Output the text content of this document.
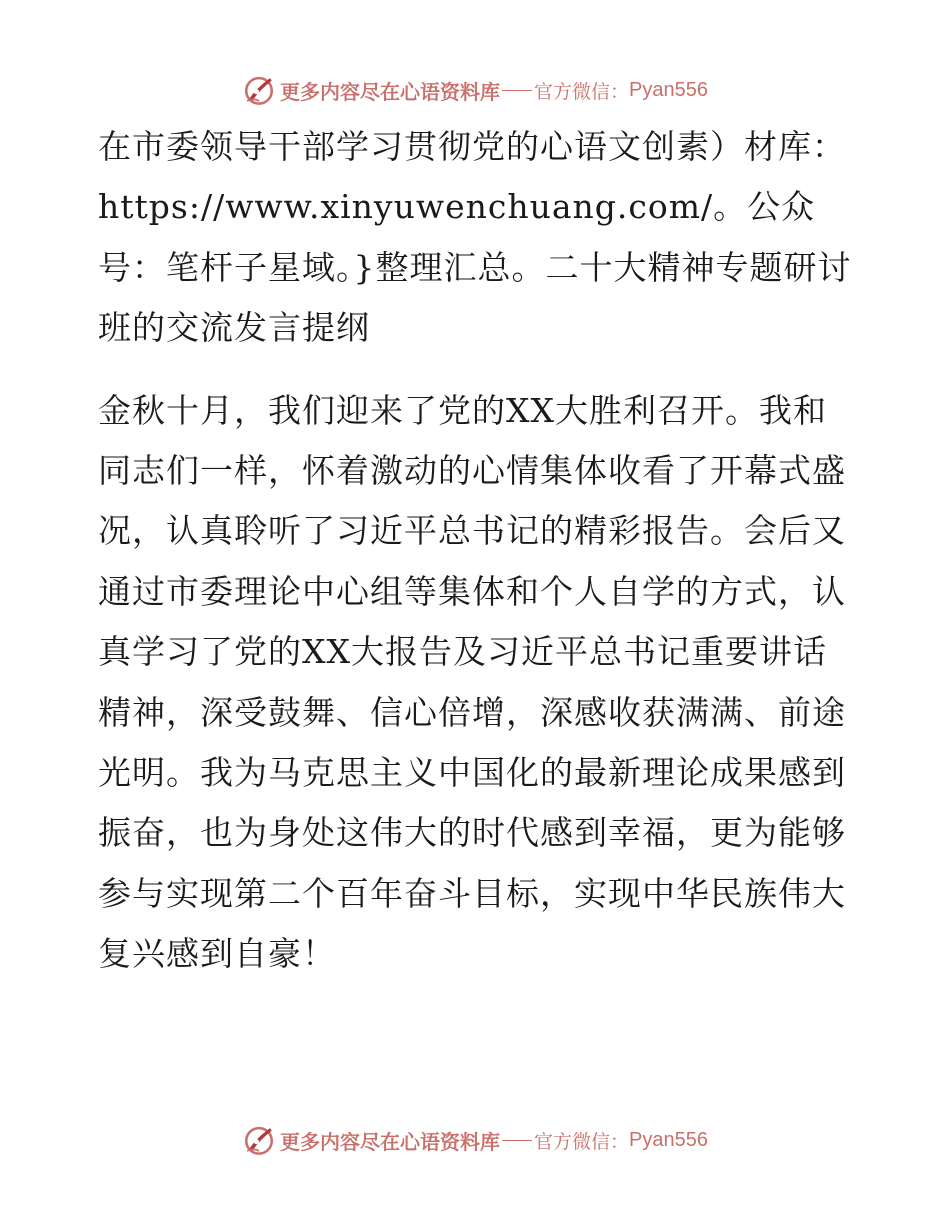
更多内容尽在心语资料库 官方微信： Pyan556

在市委领导干部学习贯彻党的心语文创素）材库：https://www.xinyuwenchuang.com/。公众号：笔杆子星域。}整理汇总。二十大精神专题研讨班的交流发言提纲

金秋十月，我们迎来了党的XX大胜利召开。我和同志们一样，怀着激动的心情集体收看了开幕式盛况，认真聆听了习近平总书记的精彩报告。会后又通过市委理论中心组等集体和个人自学的方式，认真学习了党的XX大报告及习近平总书记重要讲话精神，深受鼓舞、信心倍增，深感收获满满、前途光明。我为马克思主义中国化的最新理论成果感到振奋，也为身处这伟大的时代感到幸福，更为能够参与实现第二个百年奋斗目标，实现中华民族伟大复兴感到自豪！

更多内容尽在心语资料库 官方微信： Pyan556
